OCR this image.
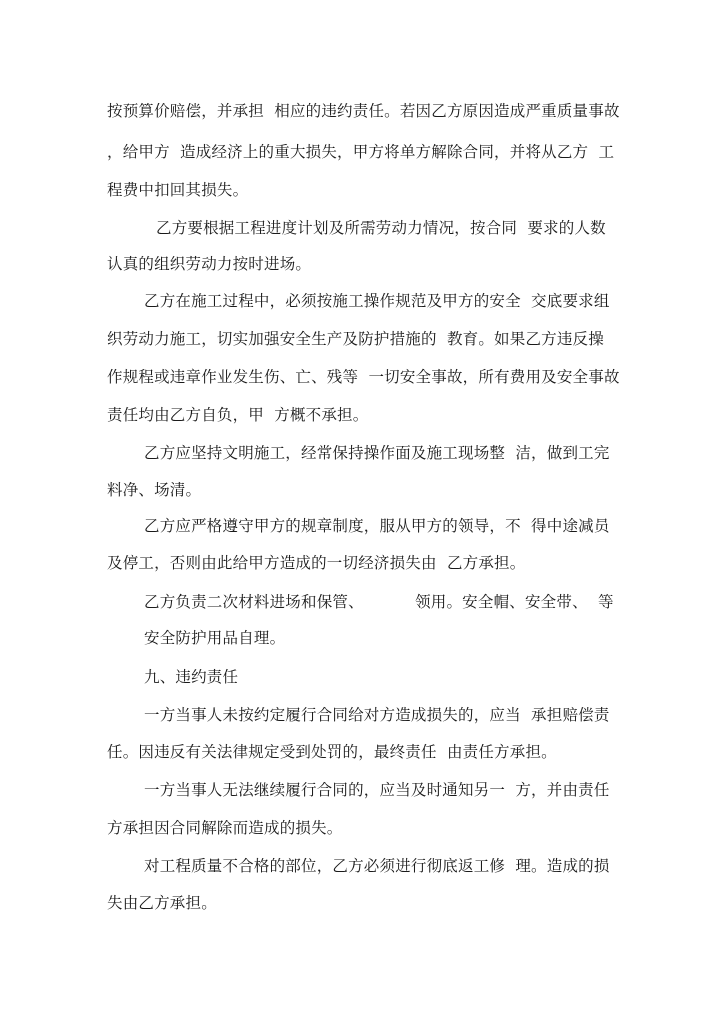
按预算价赔偿，并承担  相应的违约责任。若因乙方原因造成严重质量事故
，给甲方  造成经济上的重大损失，甲方将单方解除合同，并将从乙方  工
程费中扣回其损失。
乙方要根据工程进度计划及所需劳动力情况，按合同  要求的人数
认真的组织劳动力按时进场。
乙方在施工过程中，必须按施工操作规范及甲方的安全  交底要求组
织劳动力施工，切实加强安全生产及防护措施的  教育。如果乙方违反操
作规程或违章作业发生伤、亡、残等  一切安全事故，所有费用及安全事故
责任均由乙方自负，甲  方概不承担。
乙方应坚持文明施工，经常保持操作面及施工现场整  洁，做到工完
料净、场清。
乙方应严格遵守甲方的规章制度，服从甲方的领导，不  得中途减员
及停工，否则由此给甲方造成的一切经济损失由  乙方承担。
乙方负责二次材料进场和保管、          领用。安全帽、安全带、  等
安全防护用品自理。
九、违约责任
一方当事人未按约定履行合同给对方造成损失的，应当  承担赔偿责
任。因违反有关法律规定受到处罚的，最终责任  由责任方承担。
一方当事人无法继续履行合同的，应当及时通知另一  方，并由责任
方承担因合同解除而造成的损失。
对工程质量不合格的部位，乙方必须进行彻底返工修  理。造成的损
失由乙方承担。
